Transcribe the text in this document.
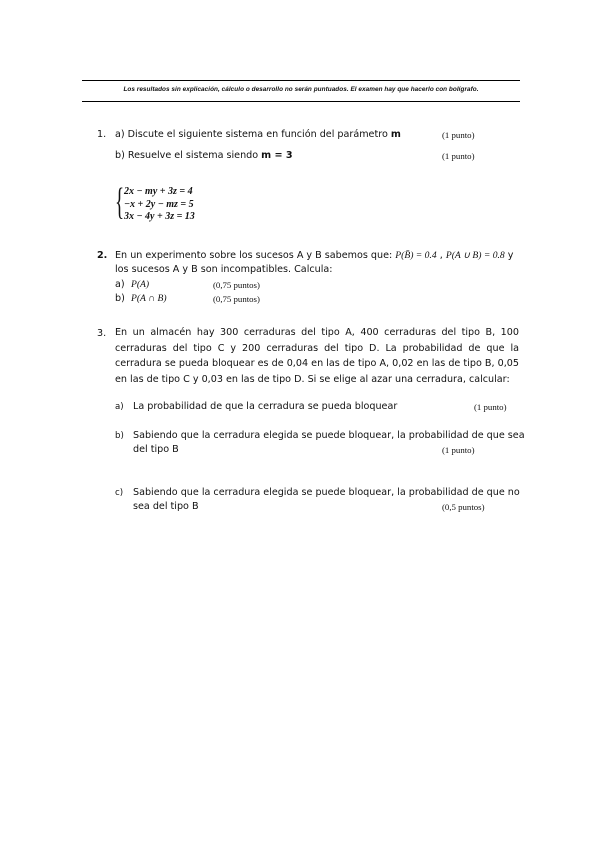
Los resultados sin explicación, cálculo o desarrollo no serán puntuados. El examen hay que hacerlo con bolígrafo.
1. a) Discute el siguiente sistema en función del parámetro m	(1 punto)
b) Resuelve el sistema siendo m = 3	(1 punto)
{ 2x − my + 3z = 4
−x + 2y − mz = 5
3x − 4y + 3z = 13
2. En un experimento sobre los sucesos A y B sabemos que: P(B̄) = 0.4 , P(A ∪ B) = 0.8 y
los sucesos A y B son incompatibles. Calcula:
a) P(A)	(0,75 puntos)
b) P(A ∩ B)	(0,75 puntos)
3. En un almacén hay 300 cerraduras del tipo A, 400 cerraduras del tipo B, 100 cerraduras del tipo C y 200 cerraduras del tipo D. La probabilidad de que la cerradura se pueda bloquear es de 0,04 en las de tipo A, 0,02 en las de tipo B, 0,05 en las de tipo C y 0,03 en las de tipo D. Si se elige al azar una cerradura, calcular:
a) La probabilidad de que la cerradura se pueda bloquear	(1 punto)
b) Sabiendo que la cerradura elegida se puede bloquear, la probabilidad de que sea
del tipo B	(1 punto)
c) Sabiendo que la cerradura elegida se puede bloquear, la probabilidad de que no
sea del tipo B	(0,5 puntos)
